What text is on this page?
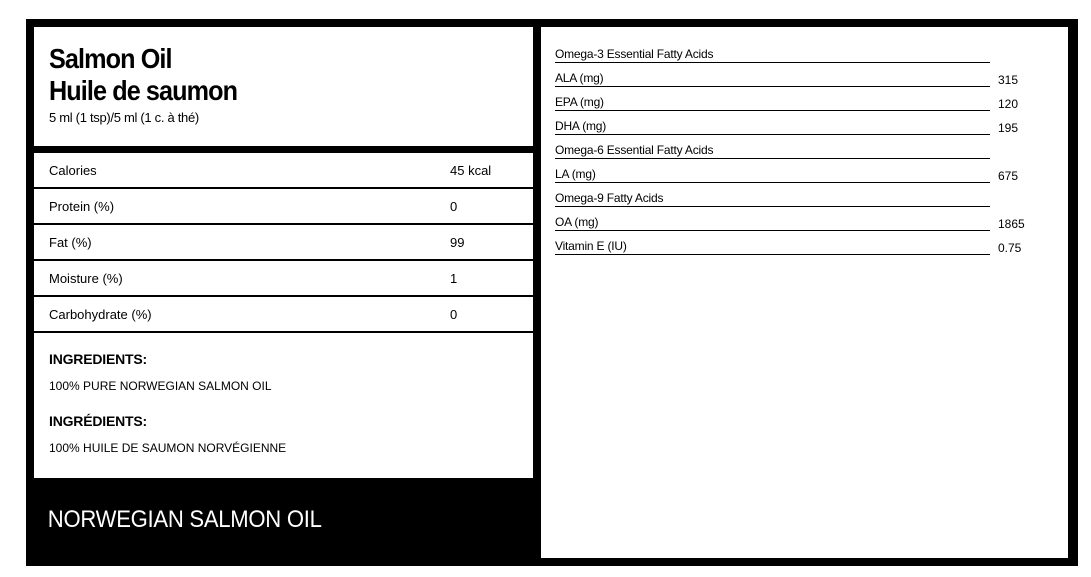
Salmon Oil
Huile de saumon
5 ml (1 tsp)/5 ml (1 c. à thé)
Calories	45 kcal
Protein (%)	0
Fat (%)	99
Moisture (%)	1
Carbohydrate (%)	0
INGREDIENTS:
100% PURE NORWEGIAN SALMON OIL
INGRÉDIENTS:
100% HUILE DE SAUMON NORVÉGIENNE
NORWEGIAN SALMON OIL
Omega-3 Essential Fatty Acids
ALA (mg)	315
EPA (mg)	120
DHA (mg)	195
Omega-6 Essential Fatty Acids
LA (mg)	675
Omega-9 Fatty Acids
OA (mg)	1865
Vitamin E (IU)	0.75
